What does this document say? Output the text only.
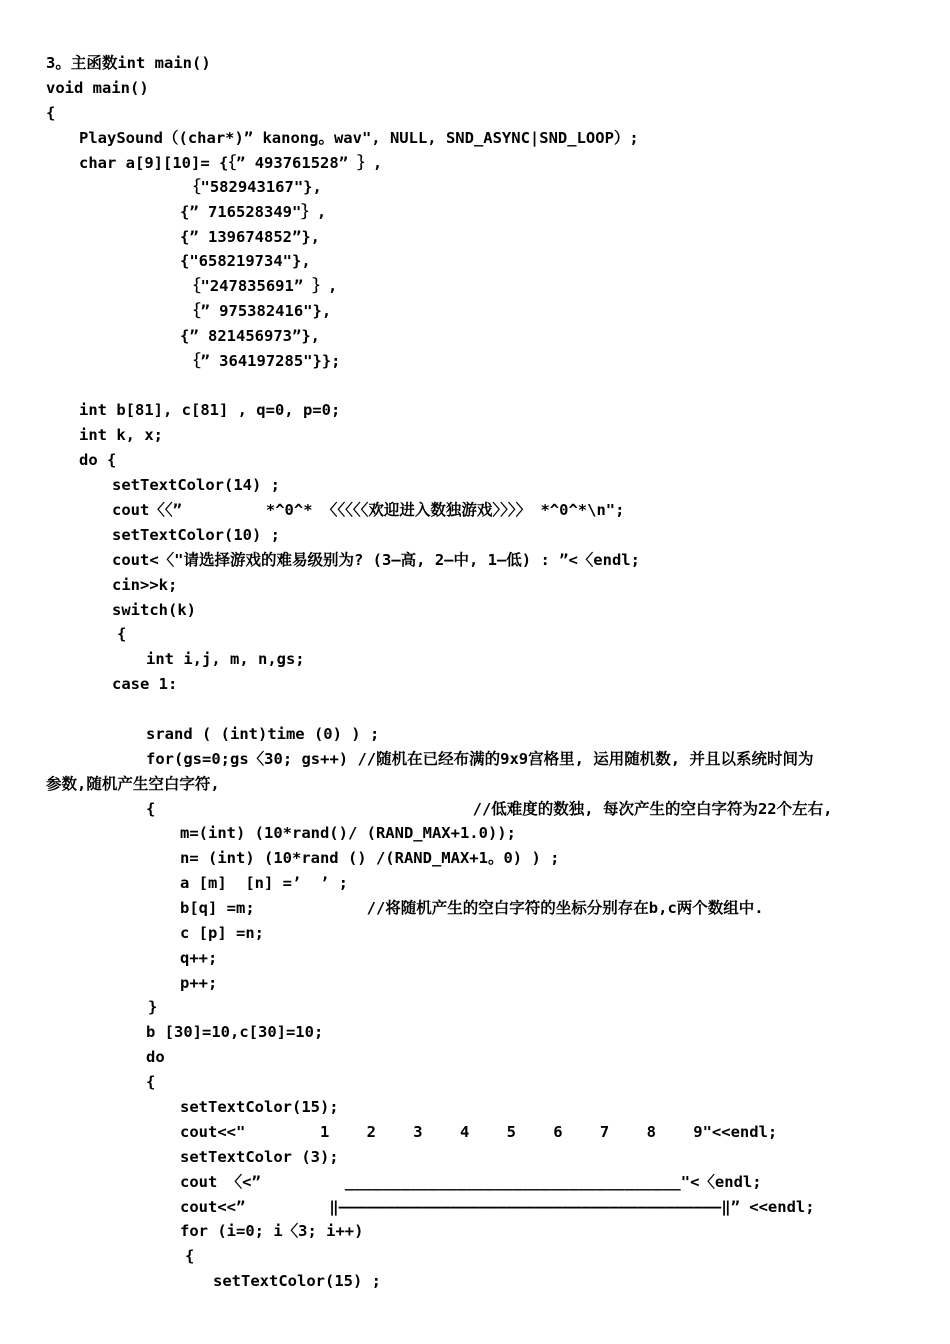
3。主函数int main()
void main()
{
PlaySound（(char*)” kanong。wav", NULL, SND_ASYNC|SND_LOOP）;
char a[9][10]= {｛” 493761528” ｝,
｛"582943167"},
{” 716528349"｝,
{” 139674852”},
{"658219734"},
｛"247835691” ｝,
｛” 975382416"},
{” 821456973”},
｛” 364197285"}};
int b[81], c[81] , q=0, p=0;
int k, x;
do {
setTextColor(14) ;
cout〈〈”         *^0^* 〈〈〈〈〈欢迎进入数独游戏〉〉〉〉 *^0^*\n";
setTextColor(10) ;
cout<〈"请选择游戏的难易级别为? (3—高, 2—中, 1—低) : ”<〈endl;
cin>>k;
switch(k)
{
int i,j, m, n,gs;
case 1:
srand ( (int)time (0) ) ;
for(gs=0;gs〈30; gs++) //随机在已经布满的9x9宫格里, 运用随机数, 并且以系统时间为
参数,随机产生空白字符,
{                                  //低难度的数独, 每次产生的空白字符为22个左右,
m=(int) (10*rand()/ (RAND_MAX+1.0));
n= (int) (10*rand () /(RAND_MAX+1。0) ) ;
a [m]  [n] =’  ’ ;
b[q] =m;            //将随机产生的空白字符的坐标分别存在b,c两个数组中.
c [p] =n;
q++;
p++;
}
b [30]=10,c[30]=10;
do
{
setTextColor(15);
cout<<"        1    2    3    4    5    6    7    8    9"<<endl;
setTextColor (3);
cout 〈<”         ____________________________________"<〈endl;
cout<<”         ‖—————————————————————————————————————————‖” <<endl;
for (i=0; i〈3; i++)
{
setTextColor(15) ;
